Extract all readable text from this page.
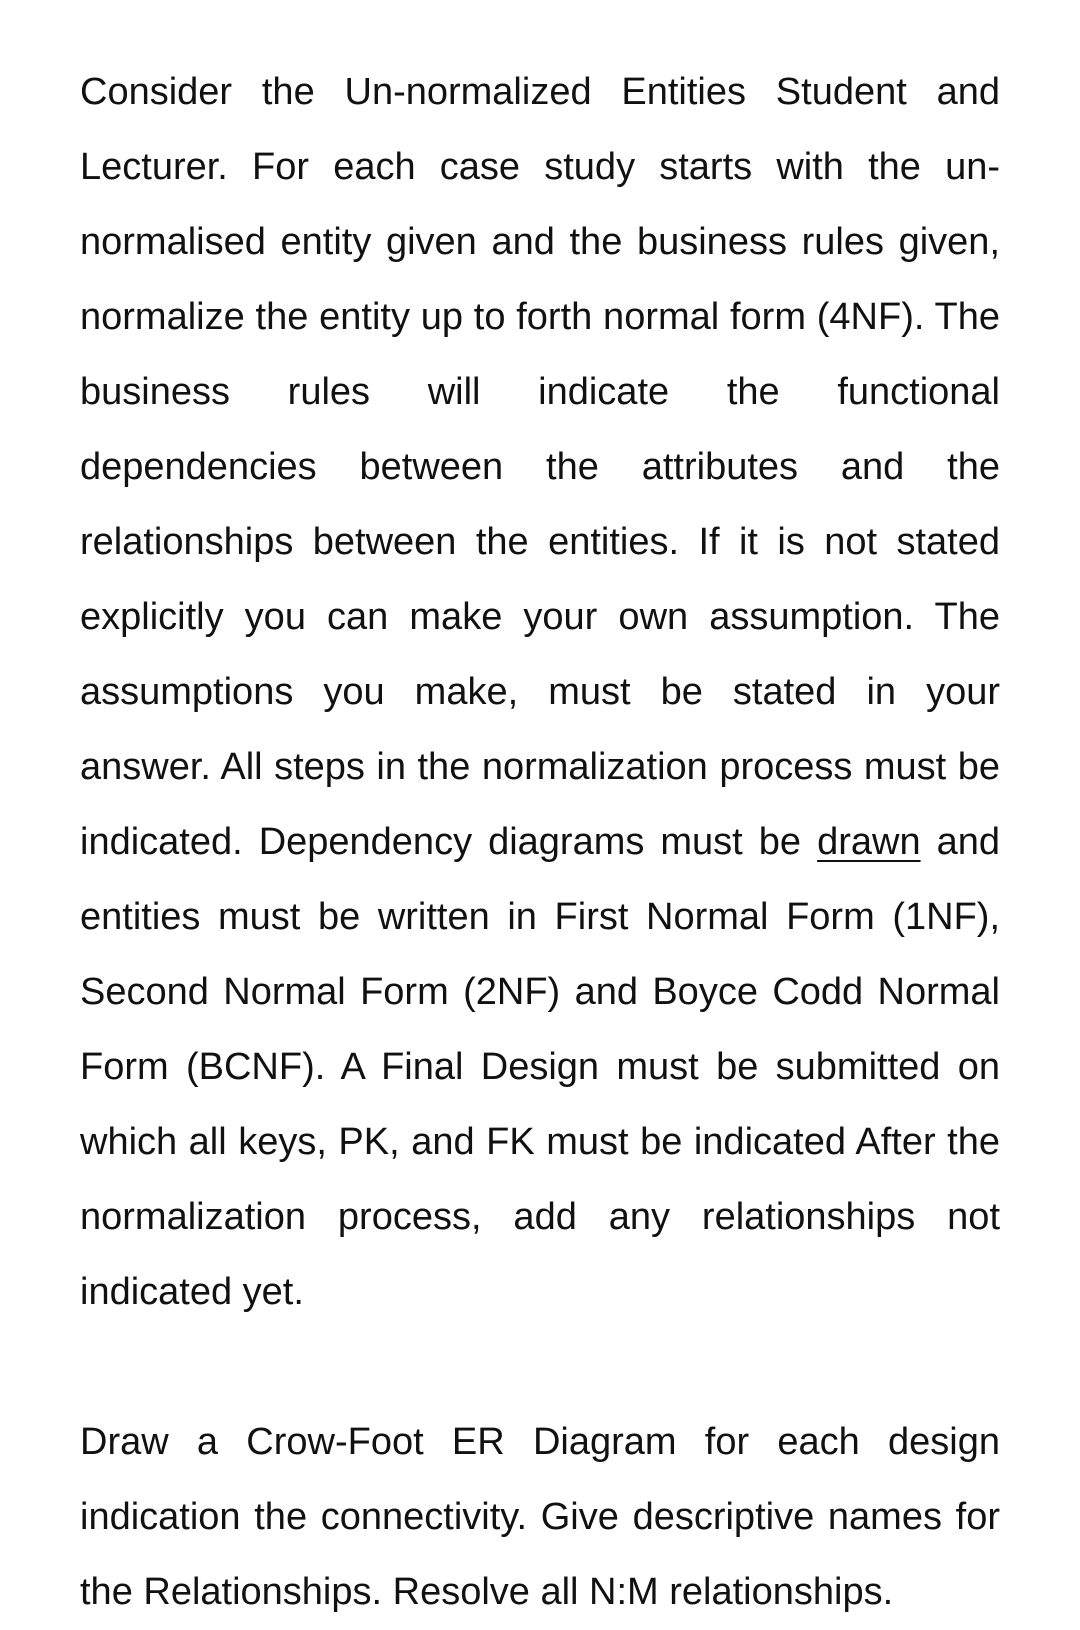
Consider the Un-normalized Entities Student and Lecturer. For each case study starts with the un-normalised entity given and the business rules given, normalize the entity up to forth normal form (4NF). The business rules will indicate the functional dependencies between the attributes and the relationships between the entities. If it is not stated explicitly you can make your own assumption. The assumptions you make, must be stated in your answer. All steps in the normalization process must be indicated. Dependency diagrams must be drawn and entities must be written in First Normal Form (1NF), Second Normal Form (2NF) and Boyce Codd Normal Form (BCNF). A Final Design must be submitted on which all keys, PK, and FK must be indicated After the normalization process, add any relationships not indicated yet.

Draw a Crow-Foot ER Diagram for each design indication the connectivity. Give descriptive names for the Relationships. Resolve all N:M relationships.
